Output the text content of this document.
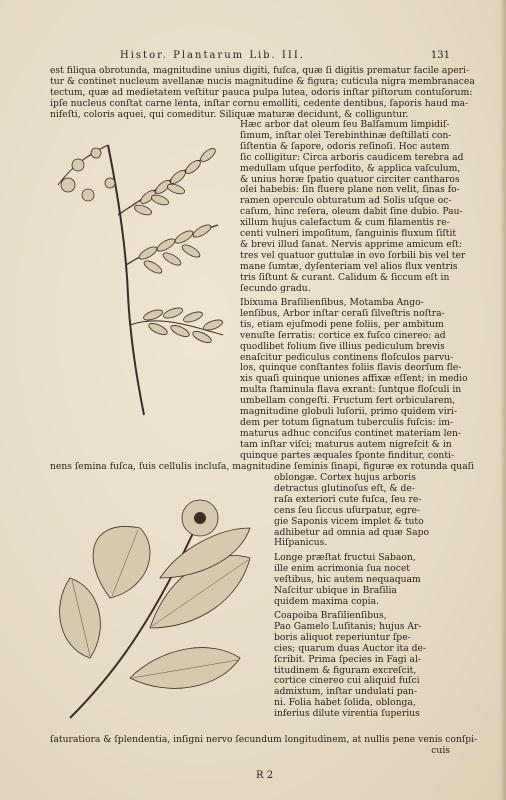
Histor. Plantarum Lib. III.	131

est filiqua obrotunda, magnitudine unius digiti, fuſca, quæ ſi digitis prematur facile aperi-

tur & continet nucleum avellanæ nucis magnitudine & figura; cuticula nigra membranacea

tectum, quæ ad medietatem veſtitur pauca pulpa lutea, odoris inſtar piſtorum contuſorum:

ipſe nucleus conſtat carne lenta, inſtar cornu emolliti, cedente dentibus, ſaporis haud ma-

nifeſti, coloris aquei, qui comeditur. Siliquæ maturæ decidunt, & colliguntur.

Hæc arbor dat oleum ſeu Balſamum limpidiſ-

ſimum, inſtar olei Terebinthinæ deſtillati con-

ſiſtentia & ſapore, odoris reſinoſi. Hoc autem

ſic colligitur: Circa arboris caudicem terebra ad

medullam uſque perfodito, & applica vaſculum,

& unius horæ ſpatio quatuor circiter cantharos

olei habebis: ſin fluere plane non velit, ſinas fo-

ramen operculo obturatum ad Solis uſque oc-

caſum, hinc reſera, oleum dabit ſine dubio. Pau-

xillum hujus calefactum & cum filamentis re-

centi vulneri impoſitum, ſanguinis fluxum ſiſtit

& brevi illud ſanat. Nervis apprime amicum eſt:

tres vel quatuor guttulæ in ovo ſorbili bis vel ter

mane ſumtæ, dyſenteriam vel alios flux ventris

tris ſiſtunt & curant. Calidum & ſiccum eſt in

ſecundo gradu.

Ibixuma Braſilienſibus, Motamba Ango-

lenſibus, Arbor inſtar ceraſi ſilveſtris noſtra-

tis, etiam ejuſmodi pene foliis, per ambitum

venuſte ſerratis: cortice ex fuſco cinereo: ad

quodlibet folium ſive illius pediculum brevis

enaſcitur pediculus continens floſculos parvu-

los, quinque conſtantes foliis flavis deorſum fle-

xis quaſi quinque uniones affixæ eſſent; in medio

multa ſtaminula flava exrant: ſuntque floſculi in

umbellam congeſti. Fructum fert orbicularem,

magnitudine globuli luſorii, primo quidem viri-

dem per totum ſignatum tuberculis fuſcis: im-

maturus adhuc conciſus continet materiam len-

tam inſtar viſci; maturus autem nigreſcit & in

quinque partes æquales ſponte finditur, conti-

nens ſemina fuſca, ſuis cellulis incluſa, magnitudine ſeminis ſinapi, figuræ ex rotunda quaſi

oblongæ. Cortex hujus arboris

detractus glutinoſus eſt, & de-

raſa exteriori cute fuſca, ſeu re-

cens ſeu ſiccus uſurpatur, egre-

gie Saponis vicem implet & tuto

adhibetur ad omnia ad quæ Sapo

Hiſpanicus.

Longe præſtat fructui Sabaon,

ille enim acrimonia ſua nocet

veſtibus, hic autem nequaquam

Naſcitur ubique in Braſilia

quidem maxima copia.

Coapoiba Braſilienſibus,

Pao Gamelo Luſitanis; hujus Ar-

boris aliquot reperiuntur ſpe-

cies; quarum duas Auctor ita de-

ſcribit. Prima ſpecies in Fagi al-

titudinem & figuram excreſcit,

cortice cinereo cui aliquid fuſci

admixtum, inſtar undulati pan-

ni. Folia habet ſolida, oblonga,

inferius dilute virentia ſuperius

ſaturatiora & ſplendentia, inſigni nervo ſecundum longitudinem, at nullis pene venis conſpi-

cuis

R 2
